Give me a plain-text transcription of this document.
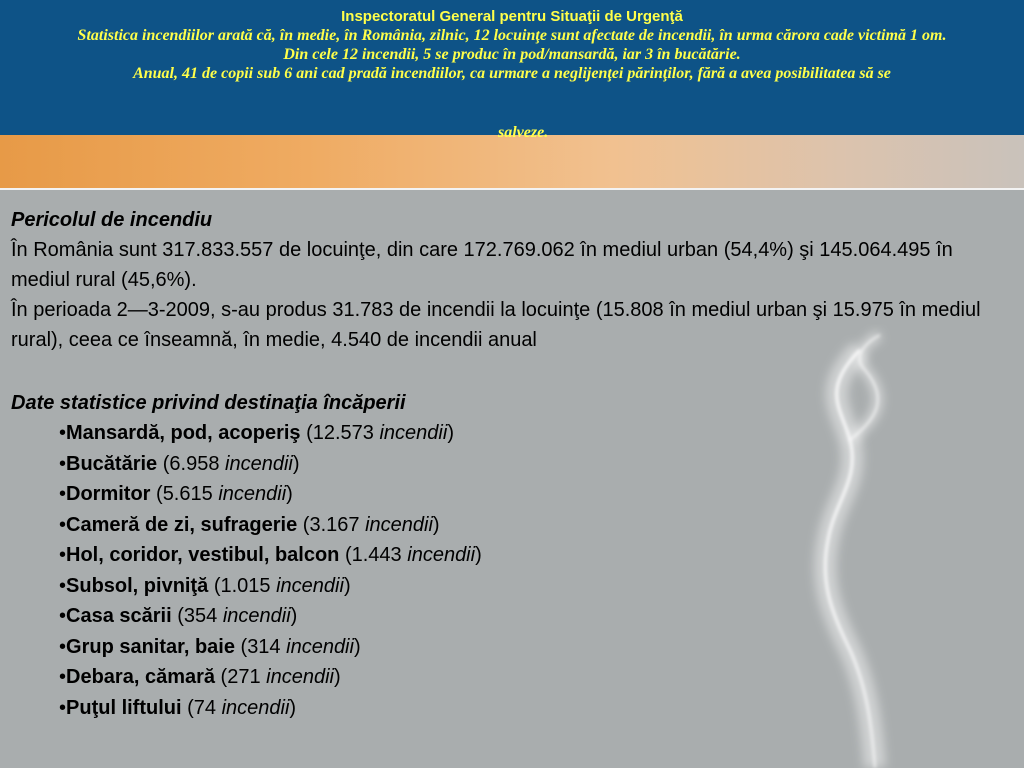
Inspectoratul General pentru Situaţii de Urgenţă

Statistica incendiilor arată că, în medie, în România, zilnic, 12 locuinţe sunt afectate de incendii, în urma cărora cade victimă 1 om.

Din cele 12 incendii, 5 se produc în pod/mansardă, iar 3 în bucătărie.

Anual, 41 de copii sub 6 ani cad pradă incendiilor, ca urmare a neglijenţei părinţilor, fără a avea posibilitatea să se

salveze.
Pericolul de incendiu

În România sunt 317.833.557 de locuinţe, din care 172.769.062 în mediul urban (54,4%) şi 145.064.495 în mediul rural (45,6%).

În perioada 2—3-2009, s-au produs 31.783 de incendii la locuinţe (15.808 în mediul urban şi 15.975 în mediul rural), ceea ce înseamnă, în medie, 4.540 de incendii anual

Date statistice privind destinaţia încăperii
•Mansardă, pod, acoperiş (12.573 incendii)
•Bucătărie (6.958 incendii)
•Dormitor (5.615 incendii)
•Cameră de zi, sufragerie (3.167 incendii)
•Hol, coridor, vestibul, balcon (1.443 incendii)
•Subsol, pivniţă (1.015 incendii)
•Casa scării (354 incendii)
•Grup sanitar, baie (314 incendii)
•Debara, cămară (271 incendii)
•Puţul liftului (74 incendii)
